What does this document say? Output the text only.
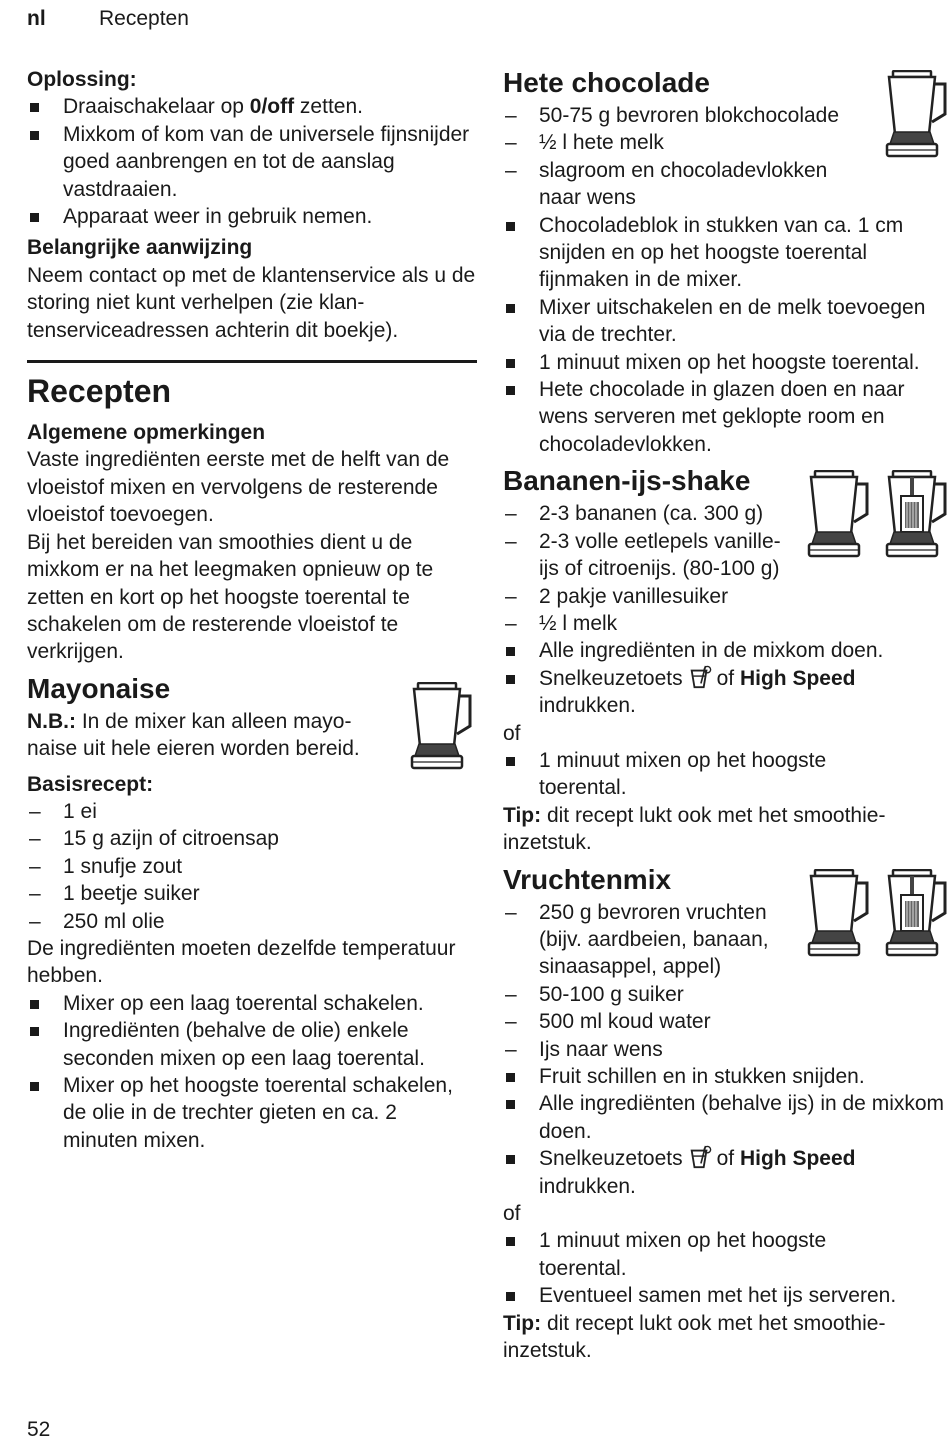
nl	Recepten

Oplossing:

Draaischakelaar op 0/off zetten.
Mixkom of kom van de universele fijnsnijder goed aanbrengen en tot de aanslag vastdraaien.
Apparaat weer in gebruik nemen.

Belangrijke aanwijzing

Neem contact op met de klantenservice als u de storing niet kunt verhelpen (zie klantenserviceadressen achterin dit boekje).

Recepten

Algemene opmerkingen

Vaste ingrediënten eerste met de helft van de vloeistof mixen en vervolgens de resterende vloeistof toevoegen.

Bij het bereiden van smoothies dient u de mixkom er na het leegmaken opnieuw op te zetten en kort op het hoogste toerental te schakelen om de resterende vloeistof te verkrijgen.

Mayonaise

N.B.: In de mixer kan alleen mayonaise uit hele eieren worden bereid.

Basisrecept:

– 1 ei
– 15 g azijn of citroensap
– 1 snufje zout
– 1 beetje suiker
– 250 ml olie

De ingrediënten moeten dezelfde temperatuur hebben.

Mixer op een laag toerental schakelen.
Ingrediënten (behalve de olie) enkele seconden mixen op een laag toerental.
Mixer op het hoogste toerental schakelen, de olie in de trechter gieten en ca. 2 minuten mixen.

Hete chocolade

– 50-75 g bevroren blokchocolade
– ½ l hete melk
– slagroom en chocoladevlokken naar wens
Chocoladeblok in stukken van ca. 1 cm snijden en op het hoogste toerental fijnmaken in de mixer.
Mixer uitschakelen en de melk toevoegen via de trechter.
1 minuut mixen op het hoogste toerental.
Hete chocolade in glazen doen en naar wens serveren met geklopte room en chocoladevlokken.

Bananen-ijs-shake

– 2-3 bananen (ca. 300 g)
– 2-3 volle eetlepels vanille-ijs of citroenijs. (80-100 g)
– 2 pakje vanillesuiker
– ½ l melk
Alle ingrediënten in de mixkom doen.
Snelkeuzetoets of High Speed
indrukken.

of

1 minuut mixen op het hoogste toerental.

Tip: dit recept lukt ook met het smoothie-inzetstuk.

Vruchtenmix

– 250 g bevroren vruchten (bijv. aardbeien, banaan, sinaasappel, appel)
– 50-100 g suiker
– 500 ml koud water
– Ijs naar wens
Fruit schillen en in stukken snijden.
Alle ingrediënten (behalve ijs) in de mixkom doen.
Snelkeuzetoets of High Speed
indrukken.

of

1 minuut mixen op het hoogste toerental.
Eventueel samen met het ijs serveren.

Tip: dit recept lukt ook met het smoothie-inzetstuk.

52
